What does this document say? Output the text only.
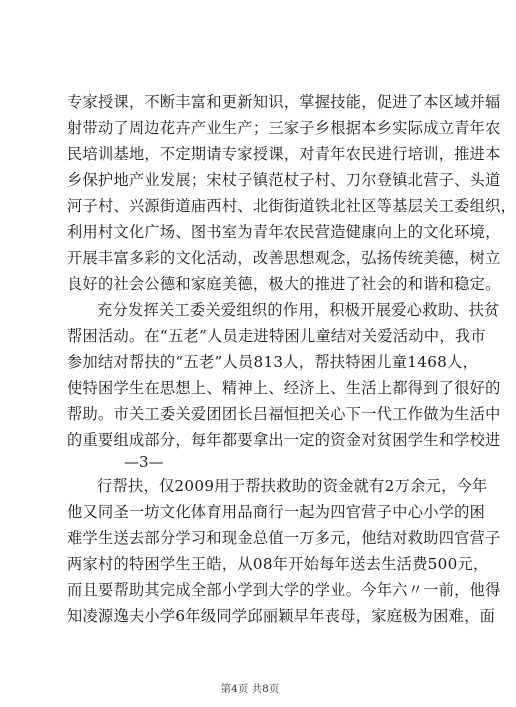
专家授课，不断丰富和更新知识，掌握技能，促进了本区域并辐
射带动了周边花卉产业生产；三家子乡根据本乡实际成立青年农
民培训基地，不定期请专家授课，对青年农民进行培训，推进本
乡保护地产业发展；宋杖子镇范杖子村、刀尔登镇北营子、头道
河子村、兴源街道庙西村、北街街道铁北社区等基层关工委组织，
利用村文化广场、图书室为青年农民营造健康向上的文化环境，
开展丰富多彩的文化活动，改善思想观念，弘扬传统美德，树立
良好的社会公德和家庭美德，极大的推进了社会的和谐和稳定。
充分发挥关工委关爱组织的作用，积极开展爱心救助、扶贫
帮困活动。在“五老”人员走进特困儿童结对关爱活动中，我市
参加结对帮扶的“五老”人员813人，帮扶特困儿童1468人，
使特困学生在思想上、精神上、经济上、生活上都得到了很好的
帮助。市关工委关爱团团长吕福恒把关心下一代工作做为生活中
的重要组成部分，每年都要拿出一定的资金对贫困学生和学校进
—3—
行帮扶，仅2009用于帮扶救助的资金就有2万余元，今年
他又同圣一坊文化体育用品商行一起为四官营子中心小学的困
难学生送去部分学习和现金总值一万多元，他结对救助四官营子
两家村的特困学生王皓，从08年开始每年送去生活费500元，
而且要帮助其完成全部小学到大学的学业。今年六〃一前，他得
知凌源逸夫小学6年级同学邱丽颖早年丧母，家庭极为困难，面
第4页 共8页
